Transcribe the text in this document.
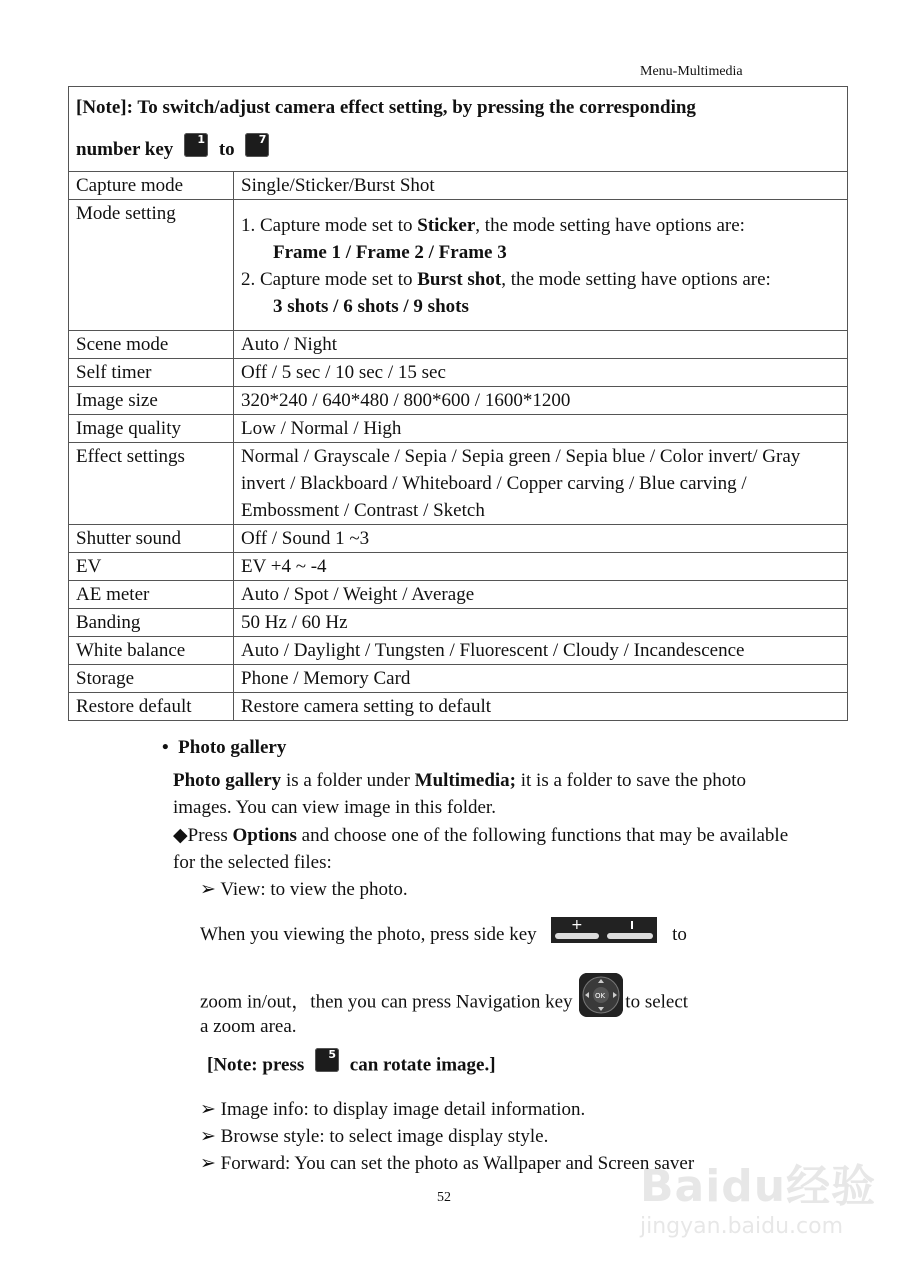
Menu-Multimedia
[Note]: To switch/adjust camera effect setting, by pressing the corresponding
number key 1 to 7	
Capture mode	Single/Sticker/Burst Shot
Mode setting	1. Capture mode set to Sticker, the mode setting have options are:
Frame 1 / Frame 2 / Frame 3
2. Capture mode set to Burst shot, the mode setting have options are:
3 shots / 6 shots / 9 shots

Scene mode	Auto / Night
Self timer	Off / 5 sec / 10 sec / 15 sec
Image size	320*240 / 640*480 / 800*600 / 1600*1200
Image quality	Low / Normal / High
Effect settings	Normal / Grayscale / Sepia / Sepia green / Sepia blue / Color invert/ Gray invert / Blackboard / Whiteboard / Copper carving / Blue carving / Embossment / Contrast / Sketch
Shutter sound	Off / Sound 1 ~3
EV	EV +4 ~ -4
AE meter	Auto / Spot / Weight / Average
Banding	50 Hz / 60 Hz
White balance	Auto / Daylight / Tungsten / Fluorescent / Cloudy / Incandescence
Storage	Phone / Memory Card
Restore default	Restore camera setting to default
•  Photo gallery
Photo gallery is a folder under Multimedia; it is a folder to save the photo images. You can view image in this folder.
◆Press Options and choose one of the following functions that may be available for the selected files:
➢ View: to view the photo.
When you viewing the photo, press side key +	to
zoom in/out，then you can press Navigation key	OK to select
a zoom area.
[Note: press 5 can rotate image.]
➢ Image info: to display image detail information.
➢ Browse style: to select image display style.
➢ Forward: You can set the photo as Wallpaper and Screen saver
52	Baidu经验
jingyan.baidu.com
